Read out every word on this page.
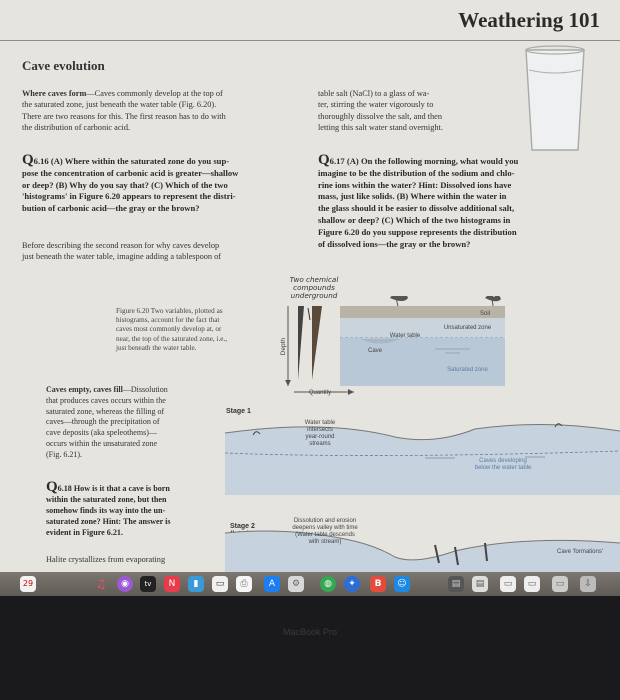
Weathering 101
Cave evolution
Where caves form—Caves commonly develop at the top of
the saturated zone, just beneath the water table (Fig. 6.20).
There are two reasons for this. The first reason has to do with
the distribution of carbonic acid.
Q6.16 (A) Where within the saturated zone do you sup-
pose the concentration of carbonic acid is greater—shallow
or deep? (B) Why do you say that? (C) Which of the two
'histograms' in Figure 6.20 appears to represent the distri-
bution of carbonic acid—the gray or the brown?
Before describing the second reason for why caves develop
just beneath the water table, imagine adding a tablespoon of
table salt (NaCl) to a glass of wa-
ter, stirring the water vigorously to
thoroughly dissolve the salt, and then
letting this salt water stand overnight.
Q6.17 (A) On the following morning, what would you
imagine to be the distribution of the sodium and chlo-
rine ions within the water? Hint: Dissolved ions have
mass, just like solids. (B) Where within the water in
the glass should it be easier to dissolve additional salt,
shallow or deep? (C) Which of the two histograms in
Figure 6.20 do you suppose represents the distribution
of dissolved ions—the gray or the brown?
Figure 6.20 Two variables, plotted as
histograms, account for the fact that
caves most commonly develop at, or
near, the top of the saturated zone, i.e.,
just beneath the water table.
Two chemical
compounds
underground
Depth
Quantity
Soil
Unsaturated zone
Water table
Cave
Saturated zone
Caves empty, caves fill—Dissolution
that produces caves occurs within the
saturated zone, whereas the filling of
caves—through the precipitation of
cave deposits (aka speleothems)—
occurs within the unsaturated zone
(Fig. 6.21).
Q6.18 How is it that a cave is born
within the saturated zone, but then
somehow finds its way into the un-
saturated zone? Hint: The answer is
evident in Figure 6.21.
Halite crystallizes from evaporating
Stage 1
Stage 2
Water table
intersects
year-round
streams
Caves developing
below the water table
Dissolution and erosion
deepens valley with time
(Water table descends
with stream)
Cave 'formations'
29	♫	◉	tv	N	▮	▭	⎙	A	⚙	◍	✦	B	☺	▤	▤	▭	▭	▭	⇩
MacBook Pro
